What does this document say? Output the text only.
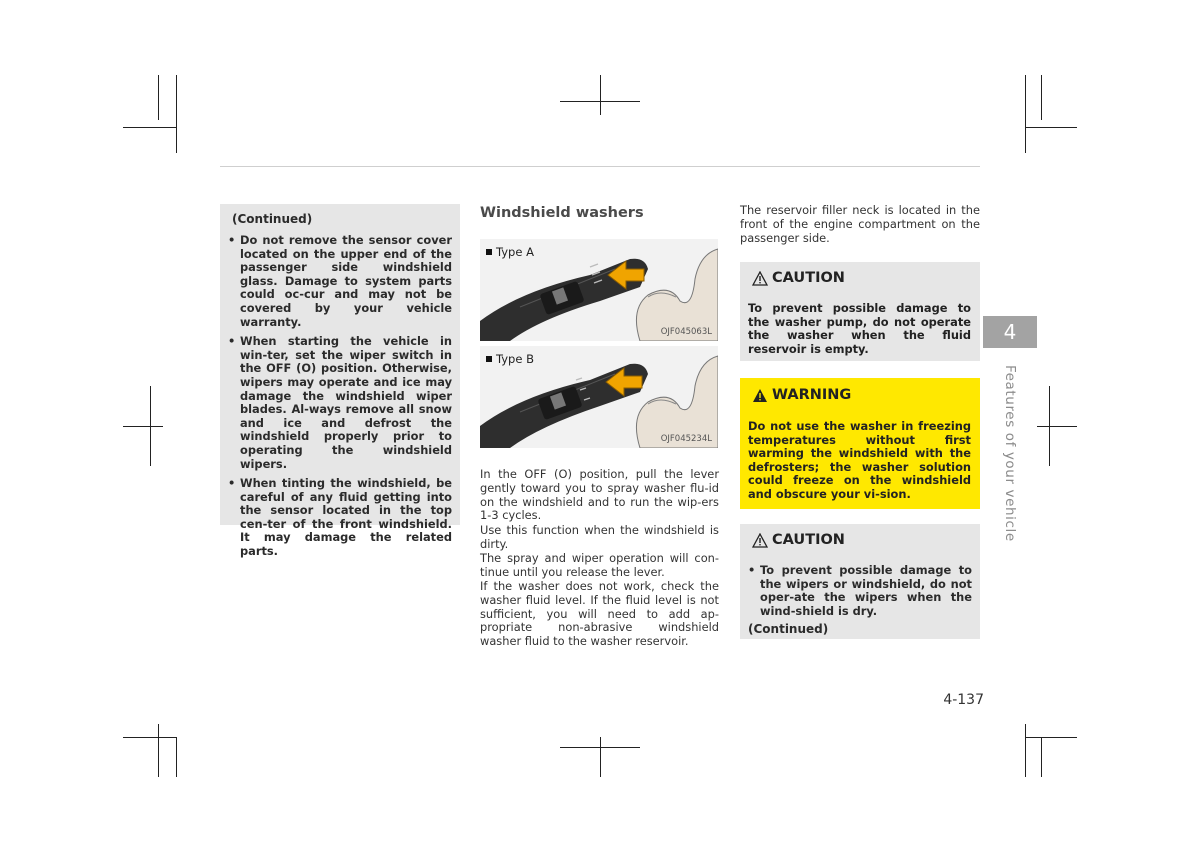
(Continued)
• Do not remove the sensor cover located on the upper end of the passenger side windshield glass. Damage to system parts could oc-cur and may not be covered by your vehicle warranty.
• When starting the vehicle in win-ter, set the wiper switch in the OFF (O) position. Otherwise, wipers may operate and ice may damage the windshield wiper blades. Al-ways remove all snow and ice and defrost the windshield properly prior to operating the windshield wipers.
• When tinting the windshield, be careful of any fluid getting into the sensor located in the top cen-ter of the front windshield. It may damage the related parts.
Windshield washers
Type A
OJF045063L
Type B
OJF045234L

In the OFF (O) position, pull the lever gently toward you to spray washer flu-id on the windshield and to run the wip-ers 1-3 cycles.

Use this function when the windshield is dirty.

The spray and wiper operation will con-tinue until you release the lever.

If the washer does not work, check the washer fluid level. If the fluid level is not sufficient, you will need to add ap-propriate non-abrasive windshield washer fluid to the washer reservoir.

The reservoir filler neck is located in the front of the engine compartment on the passenger side.

CAUTION

To prevent possible damage to the washer pump, do not operate the washer when the fluid reservoir is empty.

WARNING

Do not use the washer in freezing temperatures without first warming the windshield with the defrosters; the washer solution could freeze on the windshield and obscure your vi-sion.

CAUTION
• To prevent possible damage to the wipers or windshield, do not oper-ate the wipers when the wind-shield is dry.
(Continued)
4
Features of your vehicle
4-137
